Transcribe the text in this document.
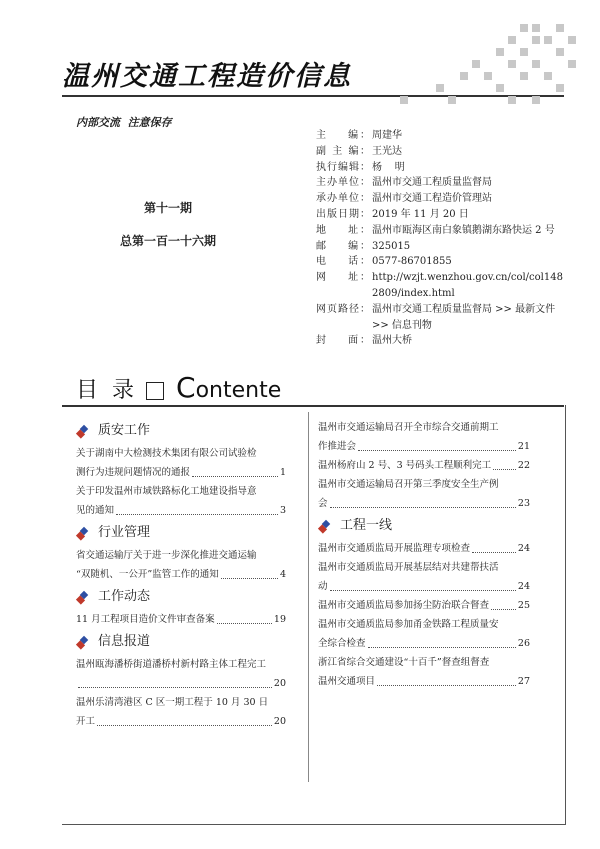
温州交通工程造价信息
内部交流  注意保存
第十一期
总第一百一十六期
主    编： 周建华
副 主 编： 王光达
执行编辑： 杨    明
主办单位： 温州市交通工程质量监督局
承办单位： 温州市交通工程造价管理站
出版日期： 2019 年 11 月 20 日
地    址： 温州市瓯海区南白象镇鹅湖东路快运 2 号
邮    编： 325015
电    话： 0577-86701855
网    址： http://wzjt.wenzhou.gov.cn/col/col1482809/index.html
网页路径： 温州市交通工程质量监督局 >> 最新文件 >> 信息刊物
封    面： 温州大桥
目  录 Contente
质安工作
关于湖南中大检测技术集团有限公司试验检
测行为违规问题情况的通报	1
关于印发温州市域铁路标化工地建设指导意
见的通知	3
行业管理
省交通运输厅关于进一步深化推进交通运输
“双随机、一公开”监管工作的通知	4
工作动态
11 月工程项目造价文件审查备案	19
信息报道
温州瓯海潘桥街道潘桥村新村路主体工程完工
20
温州乐清湾港区 C 区一期工程于 10 月 30 日
开工	20
温州市交通运输局召开全市综合交通前期工
作推进会	21
温州杨府山 2 号、3 号码头工程顺利完工	22
温州市交通运输局召开第三季度安全生产例
会	23
工程一线
温州市交通质监局开展监理专项检查	24
温州市交通质监局开展基层结对共建帮扶活
动	24
温州市交通质监局参加扬尘防治联合督查	25
温州市交通质监局参加甬金铁路工程质量安
全综合检查	26
浙江省综合交通建设“十百千”督查组督查
温州交通项目	27
